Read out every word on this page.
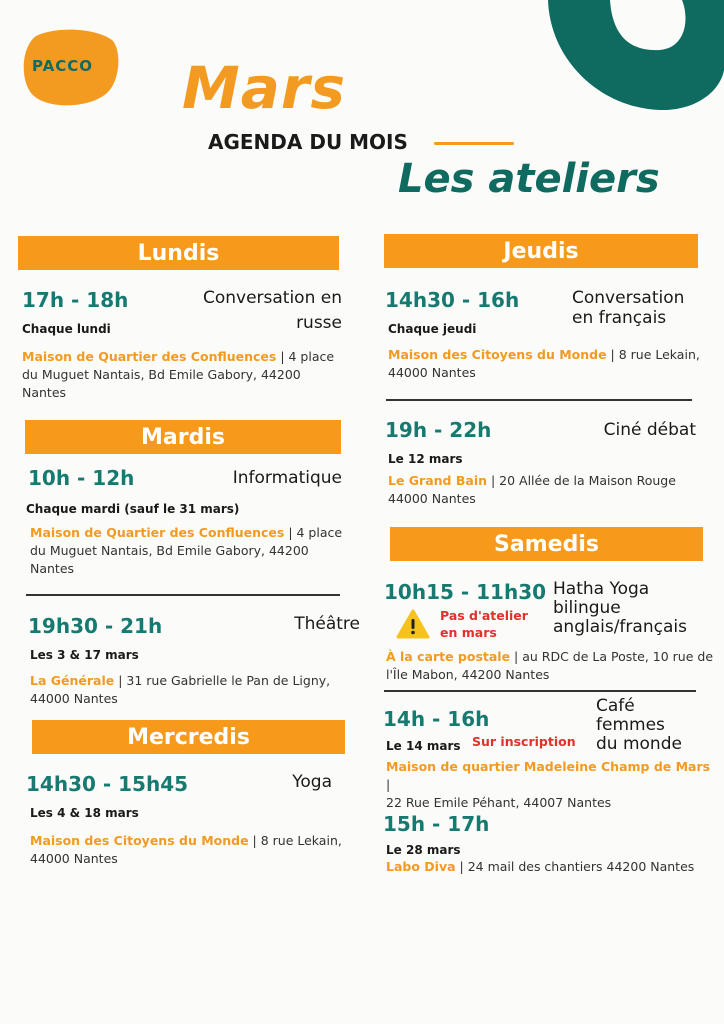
PACCO Mars
AGENDA DU MOIS
Les ateliers
Lundis
17h - 18h	Conversation en
russe
Chaque lundi
Maison de Quartier des Confluences | 4 place
du Muguet Nantais, Bd Emile Gabory, 44200
Nantes
Mardis
10h - 12h	Informatique
Chaque mardi (sauf le 31 mars)
Maison de Quartier des Confluences | 4 place
du Muguet Nantais, Bd Emile Gabory, 44200
Nantes
19h30 - 21h	Théâtre
Les 3 & 17 mars
La Générale | 31 rue Gabrielle le Pan de Ligny,
44000 Nantes
Mercredis
14h30 - 15h45	Yoga
Les 4 & 18 mars
Maison des Citoyens du Monde | 8 rue Lekain,
44000 Nantes
Jeudis
14h30 - 16h	Conversation
en français
Chaque jeudi
Maison des Citoyens du Monde | 8 rue Lekain,
44000 Nantes
19h - 22h	Ciné débat
Le 12 mars
Le Grand Bain | 20 Allée de la Maison Rouge
44000 Nantes
Samedis
10h15 - 11h30 Hatha Yoga
bilingue
anglais/français
Pas d'atelier
en mars
À la carte postale | au RDC de La Poste, 10 rue de
l'Île Mabon, 44200 Nantes
14h - 16h
Café
femmes
du monde
Le 14 mars Sur inscription
Maison de quartier Madeleine Champ de Mars |
22 Rue Emile Péhant, 44007 Nantes
15h - 17h
Le 28 mars
Labo Diva | 24 mail des chantiers 44200 Nantes
